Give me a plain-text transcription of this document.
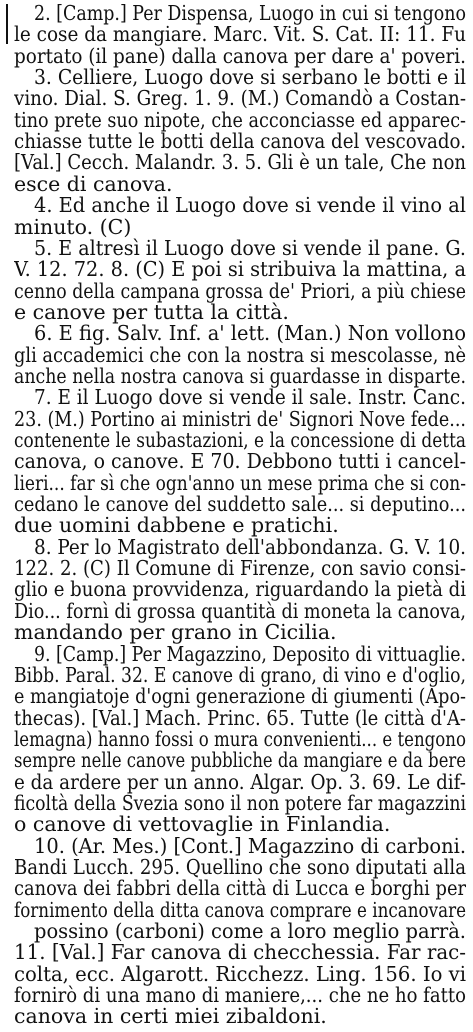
2. [Camp.] Per Dispensa, Luogo in cui si tengono
le cose da mangiare. Marc. Vit. S. Cat. II: 11. Fu
portato (il pane) dalla canova per dare a' poveri.
3. Celliere, Luogo dove si serbano le botti e il
vino. Dial. S. Greg. 1. 9. (M.) Comandò a Costan-
tino prete suo nipote, che acconciasse ed appareс-
chiasse tutte le botti della canova del vescovado.
[Val.] Cecch. Malandr. 3. 5. Gli è un tale, Che non
esce di canova.
4. Ed anche il Luogo dove si vende il vino al
minuto. (C)
5. E altresì il Luogo dove si vende il pane. G.
V. 12. 72. 8. (C) E poi si stribuiva la mattina, a
cenno della campana grossa de' Priori, a più chiese
e canove per tutta la città.
6. E fig. Salv. Inf. a' lett. (Man.) Non vollono
gli accademici che con la nostra si mescolasse, nè
anche nella nostra canova si guardasse in disparte.
7. E il Luogo dove si vende il sale. Instr. Canc.
23. (M.) Portino ai ministri de' Signori Nove fede...
contenente le subastazioni, e la concessione di detta
canova, o canove. E 70. Debbono tutti i cancel-
lieri... far sì che ogn'anno un mese prima che si con-
cedano le canove del suddetto sale... si deputino...
due uomini dabbene e pratichi.
8. Per lo Magistrato dell'abbondanza. G. V. 10.
122. 2. (C) Il Comune di Firenze, con savio consi-
glio e buona provvidenza, riguardando la pietà di
Dio... fornì di grossa quantità di moneta la canova,
mandando per grano in Cicilia.
9. [Camp.] Per Magazzino, Deposito di vittuaglie.
Bibb. Paral. 32. E canove di grano, di vino e d'oglio,
e mangiatoje d'ogni generazione di giumenti (Apo-
thecas). [Val.] Mach. Princ. 65. Tutte (le città d'A-
lemagna) hanno fossi o mura convenienti... e tengono
sempre nelle canove pubbliche da mangiare e da bere
e da ardere per un anno. Algar. Op. 3. 69. Le dif-
ficoltà della Svezia sono il non potere far magazzini
o canove di vettovaglie in Finlandia.
10. (Ar. Mes.) [Cont.] Magazzino di carboni.
Bandi Lucch. 295. Quellino che sono diputati alla
canova dei fabbri della città di Lucca e borghi per
fornimento della ditta canova comprare e incanovare
possino (carboni) come a loro meglio parrà.
11. [Val.] Far canova di checchessia. Far rac-
colta, ecc. Algarott. Ricchezz. Ling. 156. Io vi
fornirò di una mano di maniere,... che ne ho fatto
canova in certi miei zibaldoni.
